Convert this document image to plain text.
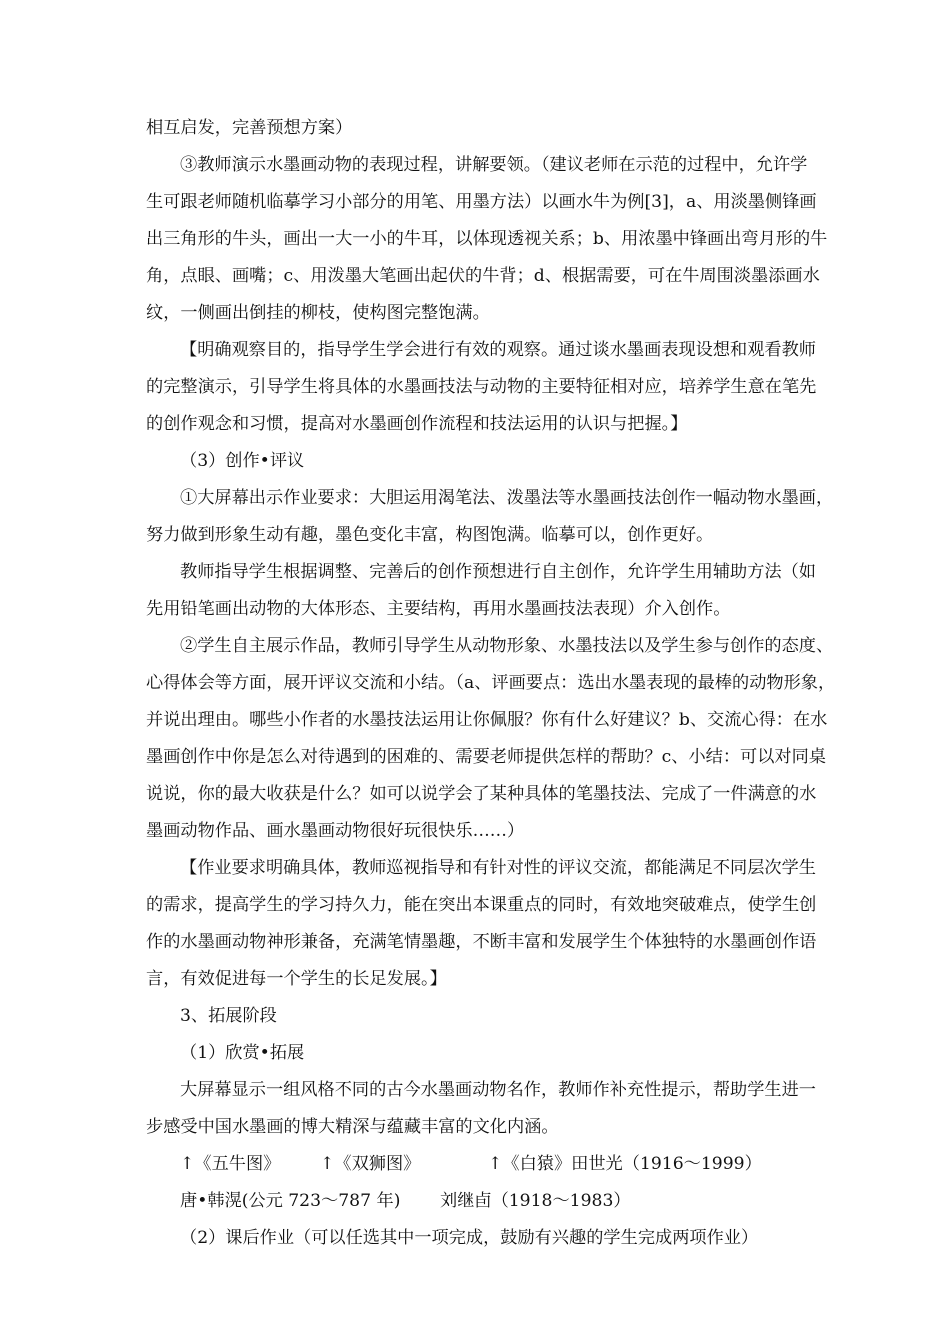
相互启发，完善预想方案）
③教师演示水墨画动物的表现过程，讲解要领。（建议老师在示范的过程中，允许学
生可跟老师随机临摹学习小部分的用笔、用墨方法）以画水牛为例[3]，a、用淡墨侧锋画
出三角形的牛头，画出一大一小的牛耳，以体现透视关系；b、用浓墨中锋画出弯月形的牛
角，点眼、画嘴；c、用泼墨大笔画出起伏的牛背；d、根据需要，可在牛周围淡墨添画水
纹，一侧画出倒挂的柳枝，使构图完整饱满。
【明确观察目的，指导学生学会进行有效的观察。通过谈水墨画表现设想和观看教师
的完整演示，引导学生将具体的水墨画技法与动物的主要特征相对应，培养学生意在笔先
的创作观念和习惯，提高对水墨画创作流程和技法运用的认识与把握。】
（3）创作•评议
①大屏幕出示作业要求：大胆运用渴笔法、泼墨法等水墨画技法创作一幅动物水墨画，
努力做到形象生动有趣，墨色变化丰富，构图饱满。临摹可以，创作更好。
教师指导学生根据调整、完善后的创作预想进行自主创作，允许学生用辅助方法（如
先用铅笔画出动物的大体形态、主要结构，再用水墨画技法表现）介入创作。
②学生自主展示作品，教师引导学生从动物形象、水墨技法以及学生参与创作的态度、
心得体会等方面，展开评议交流和小结。（a、评画要点：选出水墨表现的最棒的动物形象，
并说出理由。哪些小作者的水墨技法运用让你佩服？你有什么好建议？b、交流心得：在水
墨画创作中你是怎么对待遇到的困难的、需要老师提供怎样的帮助？c、小结：可以对同桌
说说，你的最大收获是什么？如可以说学会了某种具体的笔墨技法、完成了一件满意的水
墨画动物作品、画水墨画动物很好玩很快乐……）
【作业要求明确具体，教师巡视指导和有针对性的评议交流，都能满足不同层次学生
的需求，提高学生的学习持久力，能在突出本课重点的同时，有效地突破难点，使学生创
作的水墨画动物神形兼备，充满笔情墨趣，不断丰富和发展学生个体独特的水墨画创作语
言，有效促进每一个学生的长足发展。】
3、拓展阶段
（1）欣赏•拓展
大屏幕显示一组风格不同的古今水墨画动物名作，教师作补充性提示，帮助学生进一
步感受中国水墨画的博大精深与蕴藏丰富的文化内涵。
↑《五牛图》 ↑《双狮图》	↑《白猿》田世光（1916～1999）
唐•韩滉(公元 723～787 年) 刘继卣（1918～1983）
（2）课后作业（可以任选其中一项完成，鼓励有兴趣的学生完成两项作业）
